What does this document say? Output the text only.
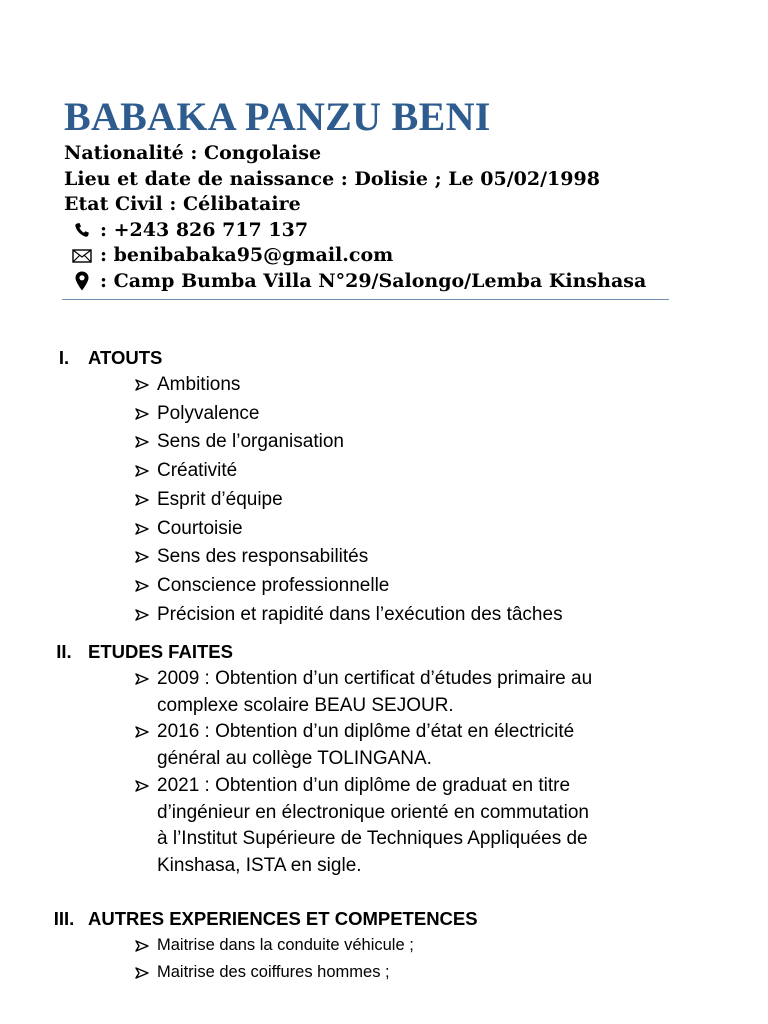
BABAKA PANZU BENI
Nationalité : Congolaise
Lieu et date de naissance : Dolisie ; Le 05/02/1998
Etat Civil : Célibataire
: +243 826 717 137
: benibabaka95@gmail.com
: Camp Bumba Villa N°29/Salongo/Lemba Kinshasa
I.	ATOUTS
Ambitions
Polyvalence
Sens de l’organisation
Créativité
Esprit d’équipe
Courtoisie
Sens des responsabilités
Conscience professionnelle
Précision et rapidité dans l’exécution des tâches
II. ETUDES FAITES
2009 : Obtention d’un certificat d’études primaire au
complexe scolaire BEAU SEJOUR.
2016 : Obtention d’un diplôme d’état en électricité
général au collège TOLINGANA.
2021 : Obtention d’un diplôme de graduat en titre
d’ingénieur en électronique orienté en commutation
à l’Institut Supérieure de Techniques Appliquées de
Kinshasa, ISTA en sigle.
III. AUTRES EXPERIENCES ET COMPETENCES
Maitrise dans la conduite véhicule ;
Maitrise des coiffures hommes ;
